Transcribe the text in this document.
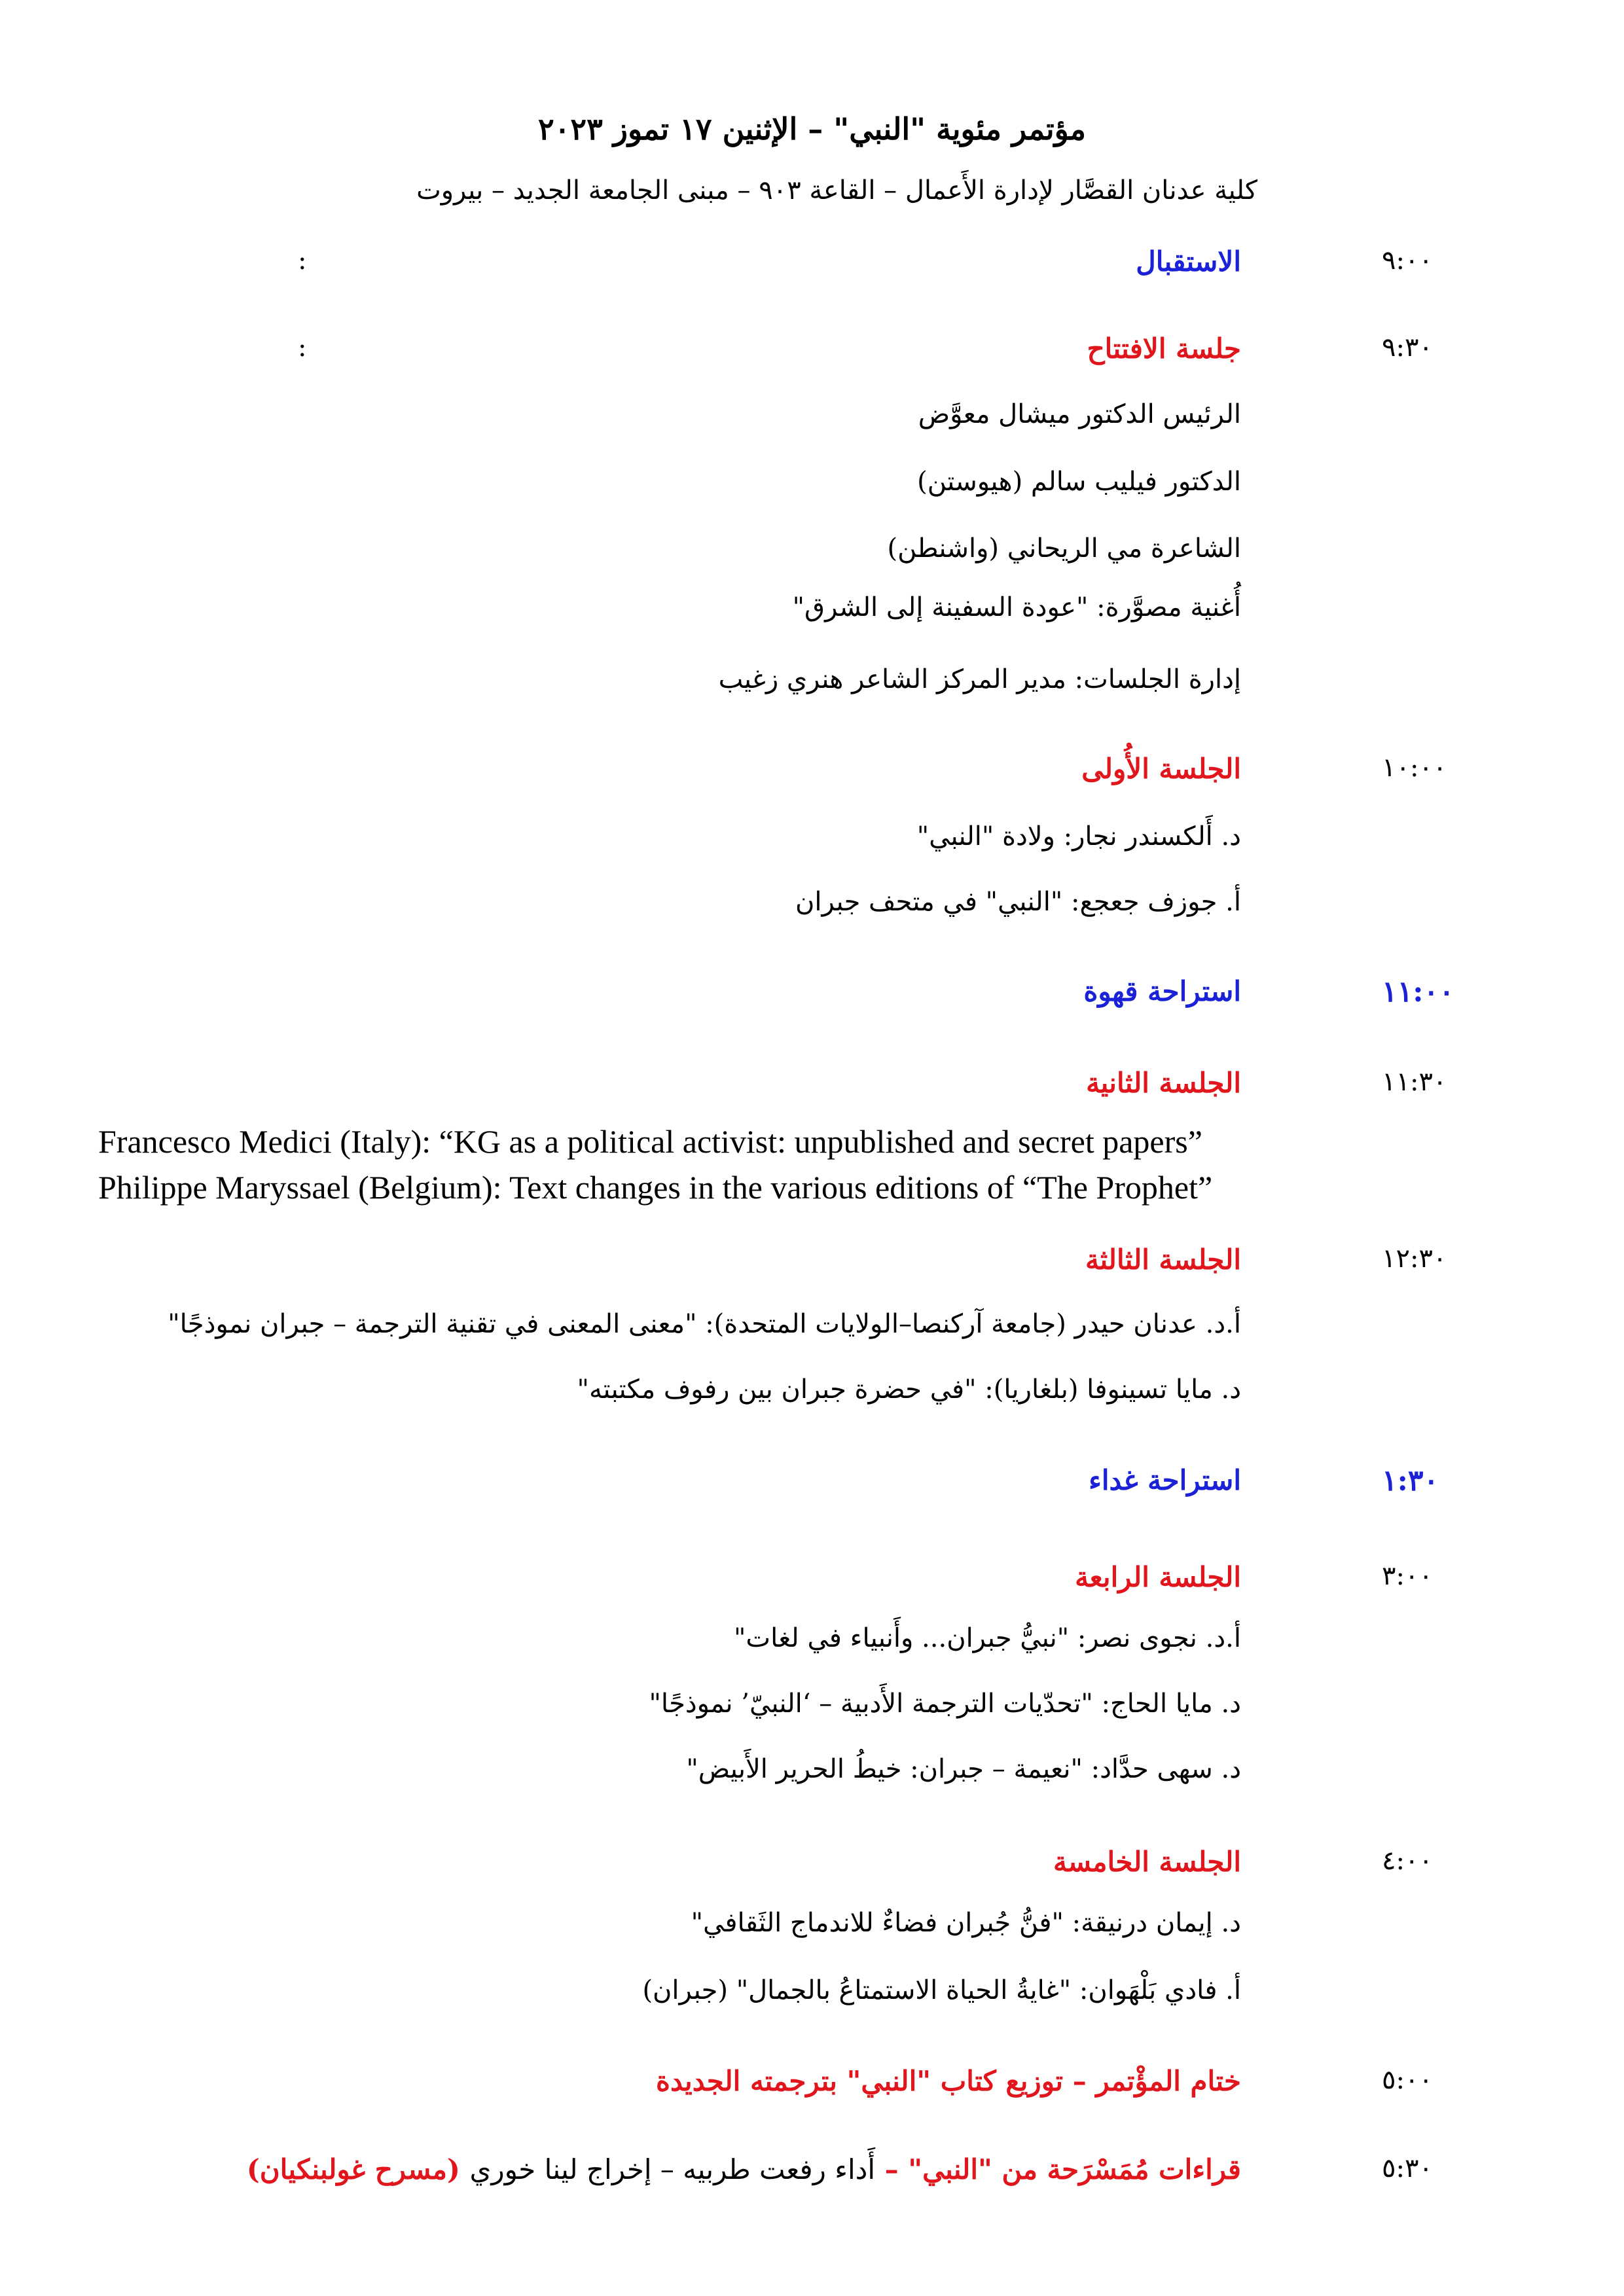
مؤتمر مئوية "النبي" – الإثنين ١٧ تموز ٢٠٢٣
كلية عدنان القصَّار لإدارة الأَعمال – القاعة ٩٠٣ – مبنى الجامعة الجديد – بيروت
٩:٠٠
:	الاستقبال
٩:٣٠
:	جلسة الافتتاح
الرئيس الدكتور ميشال معوَّض
الدكتور فيليب سالم (هيوستن)
الشاعرة مي الريحاني (واشنطن)
أُغنية مصوَّرة: "عودة السفينة إلى الشرق"
إدارة الجلسات: مدير المركز الشاعر هنري زغيب
١٠:٠٠
الجلسة الأُولى
د. أَلكسندر نجار: ولادة "النبي"
أ. جوزف جعجع: "النبي" في متحف جبران
١١:٠٠
استراحة قهوة
١١:٣٠
الجلسة الثانية
Francesco Medici (Italy): “KG as a political activist: unpublished and secret papers”
Philippe Maryssael (Belgium): Text changes in the various editions of “The Prophet”
١٢:٣٠
الجلسة الثالثة
أ.د. عدنان حيدر (جامعة آركنصا–الولايات المتحدة): "معنى المعنى في تقنية الترجمة – جبران نموذجًا"
د. مايا تسينوفا (بلغاريا): "في حضرة جبران بين رفوف مكتبته"
١:٣٠
استراحة غداء
٣:٠٠
الجلسة الرابعة
أ.د. نجوى نصر: "نبيُّ جبران... وأَنبياء في لغات"
د. مايا الحاج: "تحدّيات الترجمة الأَدبية – ‘النبيّ’ نموذجًا"
د. سهى حدَّاد: "نعيمة – جبران: خيطُ الحرير الأَبيض"
٤:٠٠
الجلسة الخامسة
د. إيمان درنيقة: "فنُّ جُبران فضاءٌ للاندماج الثَقافي"
أ. فادي بَلْهَوان: "غايةُ الحياة الاستمتاعُ بالجمال" (جبران)
٥:٠٠
ختام المؤْتمر – توزيع كتاب "النبي" بترجمته الجديدة
٥:٣٠
قراءات مُمَسْرَحة من "النبي" – أَداء رفعت طربيه – إخراج لينا خوري (مسرح غولبنكيان)
